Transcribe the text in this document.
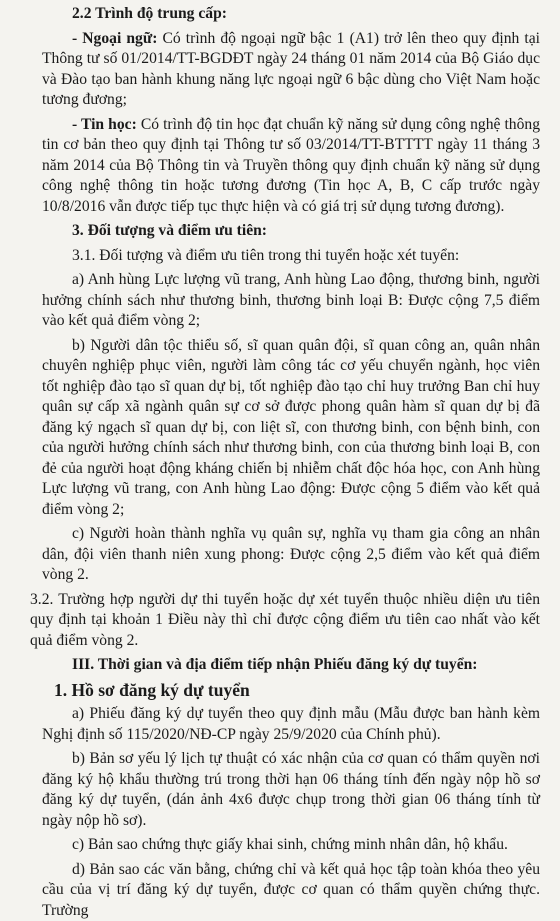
2.2 Trình độ trung cấp:

- Ngoại ngữ: Có trình độ ngoại ngữ bậc 1 (A1) trở lên theo quy định tại Thông tư số 01/2014/TT-BGDĐT ngày 24 tháng 01 năm 2014 của Bộ Giáo dục và Đào tạo ban hành khung năng lực ngoại ngữ 6 bậc dùng cho Việt Nam hoặc tương đương;

- Tin học: Có trình độ tin học đạt chuẩn kỹ năng sử dụng công nghệ thông tin cơ bản theo quy định tại Thông tư số 03/2014/TT-BTTTT ngày 11 tháng 3 năm 2014 của Bộ Thông tin và Truyền thông quy định chuẩn kỹ năng sử dụng công nghệ thông tin hoặc tương đương (Tin học A, B, C cấp trước ngày 10/8/2016 vẫn được tiếp tục thực hiện và có giá trị sử dụng tương đương).

3. Đối tượng và điểm ưu tiên:

3.1. Đối tượng và điểm ưu tiên trong thi tuyển hoặc xét tuyển:

a) Anh hùng Lực lượng vũ trang, Anh hùng Lao động, thương binh, người hưởng chính sách như thương binh, thương binh loại B: Được cộng 7,5 điểm vào kết quả điểm vòng 2;

b) Người dân tộc thiểu số, sĩ quan quân đội, sĩ quan công an, quân nhân chuyên nghiệp phục viên, người làm công tác cơ yếu chuyển ngành, học viên tốt nghiệp đào tạo sĩ quan dự bị, tốt nghiệp đào tạo chỉ huy trưởng Ban chỉ huy quân sự cấp xã ngành quân sự cơ sở được phong quân hàm sĩ quan dự bị đã đăng ký ngạch sĩ quan dự bị, con liệt sĩ, con thương binh, con bệnh binh, con của người hưởng chính sách như thương binh, con của thương binh loại B, con đẻ của người hoạt động kháng chiến bị nhiễm chất độc hóa học, con Anh hùng Lực lượng vũ trang, con Anh hùng Lao động: Được cộng 5 điểm vào kết quả điểm vòng 2;

c) Người hoàn thành nghĩa vụ quân sự, nghĩa vụ tham gia công an nhân dân, đội viên thanh niên xung phong: Được cộng 2,5 điểm vào kết quả điểm vòng 2.

3.2. Trường hợp người dự thi tuyển hoặc dự xét tuyển thuộc nhiều diện ưu tiên quy định tại khoản 1 Điều này thì chỉ được cộng điểm ưu tiên cao nhất vào kết quả điểm vòng 2.

III. Thời gian và địa điểm tiếp nhận Phiếu đăng ký dự tuyển:

1. Hồ sơ đăng ký dự tuyển

a) Phiếu đăng ký dự tuyển theo quy định mẫu (Mẫu được ban hành kèm Nghị định số 115/2020/NĐ-CP ngày 25/9/2020 của Chính phủ).

b) Bản sơ yếu lý lịch tự thuật có xác nhận của cơ quan có thẩm quyền nơi đăng ký hộ khẩu thường trú trong thời hạn 06 tháng tính đến ngày nộp hồ sơ đăng ký dự tuyển, (dán ảnh 4x6 được chụp trong thời gian 06 tháng tính từ ngày nộp hồ sơ).

c) Bản sao chứng thực giấy khai sinh, chứng minh nhân dân, hộ khẩu.

d) Bản sao các văn bằng, chứng chỉ và kết quả học tập toàn khóa theo yêu cầu của vị trí đăng ký dự tuyển, được cơ quan có thẩm quyền chứng thực. Trường
